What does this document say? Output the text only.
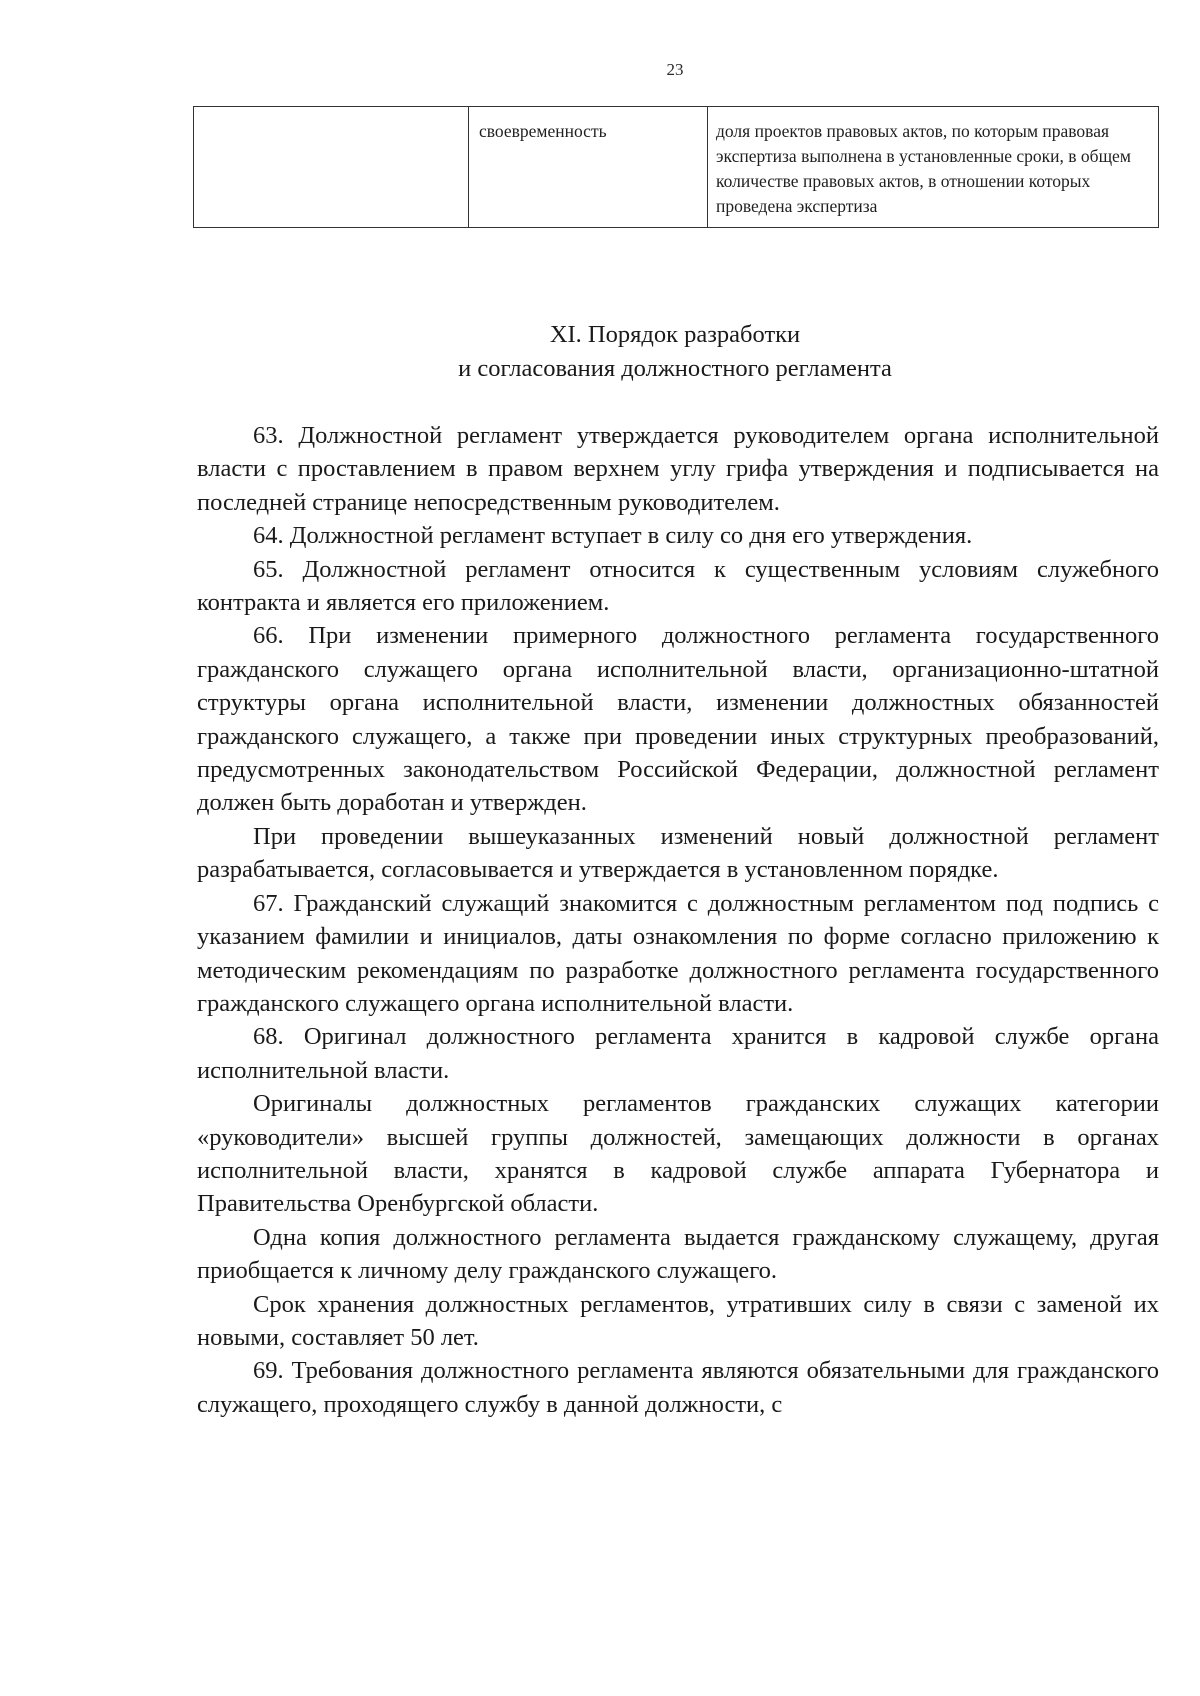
23
	своевременность	доля проектов правовых актов, по которым правовая экспертиза выполнена в установленные сроки, в общем количестве правовых актов, в отношении которых проведена экспертиза
XI. Порядок разработки
и согласования должностного регламента

63. Должностной регламент утверждается руководителем органа исполнительной власти с проставлением в правом верхнем углу грифа утверждения и подписывается на последней странице непосредственным руководителем.

64. Должностной регламент вступает в силу со дня его утверждения.

65. Должностной регламент относится к существенным условиям служебного контракта и является его приложением.

66. При изменении примерного должностного регламента государственного гражданского служащего органа исполнительной власти, организационно-штатной структуры органа исполнительной власти, изменении должностных обязанностей гражданского служащего, а также при проведении иных структурных преобразований, предусмотренных законодательством Российской Федерации, должностной регламент должен быть доработан и утвержден.

При проведении вышеуказанных изменений новый должностной регламент разрабатывается, согласовывается и утверждается в установленном порядке.

67. Гражданский служащий знакомится с должностным регламентом под подпись с указанием фамилии и инициалов, даты ознакомления по форме согласно приложению к методическим рекомендациям по разработке должностного регламента государственного гражданского служащего органа исполнительной власти.

68. Оригинал должностного регламента хранится в кадровой службе органа исполнительной власти.

Оригиналы должностных регламентов гражданских служащих категории «руководители» высшей группы должностей, замещающих должности в органах исполнительной власти, хранятся в кадровой службе аппарата Губернатора и Правительства Оренбургской области.

Одна копия должностного регламента выдается гражданскому служащему, другая приобщается к личному делу гражданского служащего.

Срок хранения должностных регламентов, утративших силу в связи с заменой их новыми, составляет 50 лет.

69. Требования должностного регламента являются обязательными для гражданского служащего, проходящего службу в данной должности, с
